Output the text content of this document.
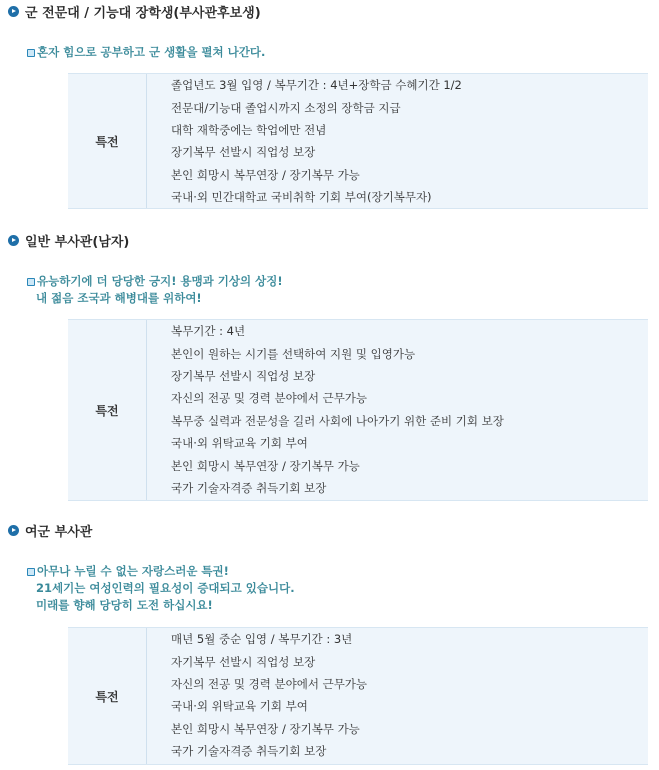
군 전문대 / 기능대 장학생(부사관후보생)
혼자 힘으로 공부하고 군 생활을 펼쳐 나간다.
특전
졸업년도 3월 입영 / 복무기간 : 4년+장학금 수혜기간 1/2
전문대/기능대 졸업시까지 소정의 장학금 지급
대학 재학중에는 학업에만 전념
장기복무 선발시 직업성 보장
본인 희망시 복무연장 / 장기복무 가능
국내·외 민간대학교 국비취학 기회 부여(장기복무자)
일반 부사관(남자)
유능하기에 더 당당한 긍지! 용맹과 기상의 상징!
내 젊음 조국과 해병대를 위하여!
특전
복무기간 : 4년
본인이 원하는 시기를 선택하여 지원 및 입영가능
장기복무 선발시 직업성 보장
자신의 전공 및 경력 분야에서 근무가능
복무중 실력과 전문성을 길러 사회에 나아가기 위한 준비 기회 보장
국내·외 위탁교육 기회 부여
본인 희망시 복무연장 / 장기복무 가능
국가 기술자격증 취득기회 보장
여군 부사관
아무나 누릴 수 없는 자랑스러운 특권!
21세기는 여성인력의 필요성이 증대되고 있습니다.
미래를 향해 당당히 도전 하십시요!
특전
매년 5월 중순 입영 / 복무기간 : 3년
자기복무 선발시 직업성 보장
자신의 전공 및 경력 분야에서 근무가능
국내·외 위탁교육 기회 부여
본인 희망시 복무연장 / 장기복무 가능
국가 기술자격증 취득기회 보장
